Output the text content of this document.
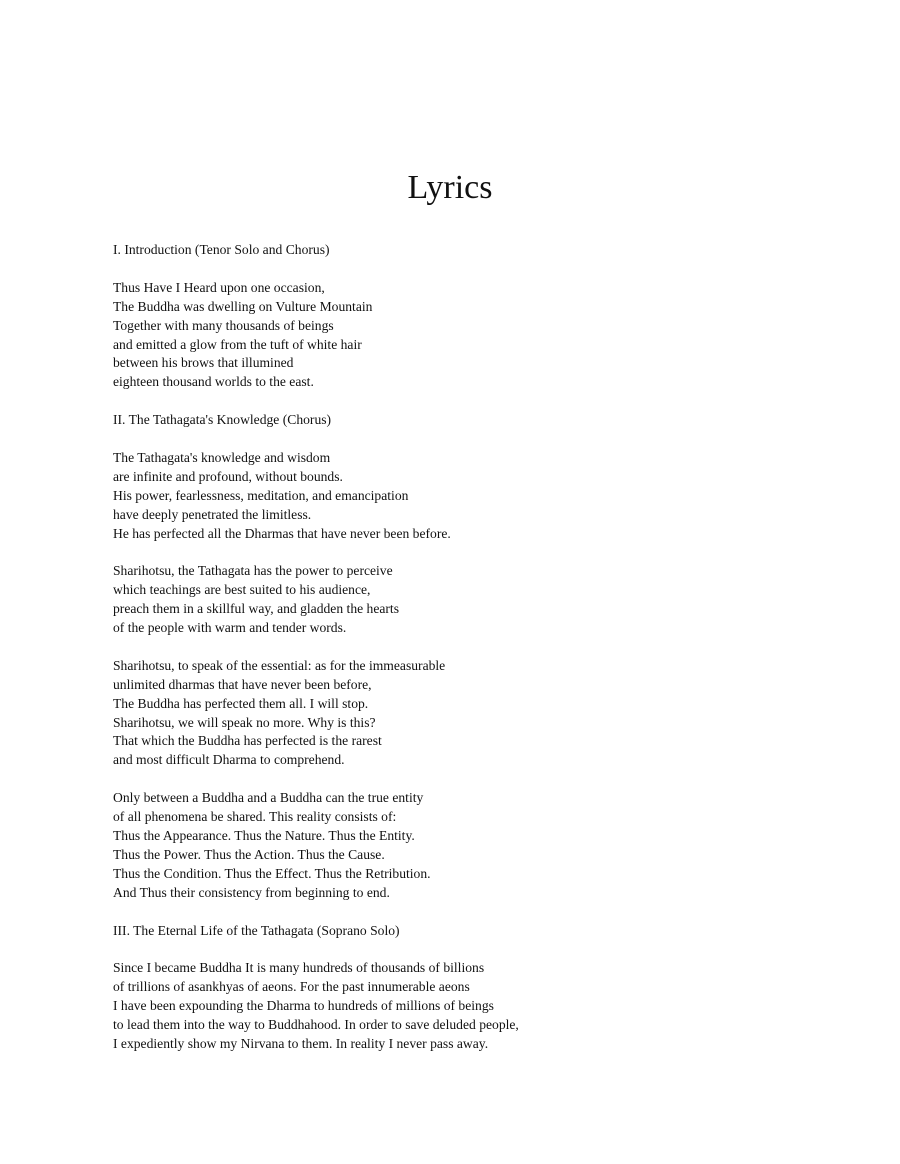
Lyrics
I. Introduction (Tenor Solo and Chorus)
Thus Have I Heard upon one occasion,
The Buddha was dwelling on Vulture Mountain
Together with many thousands of beings
and emitted a glow from the tuft of white hair
between his brows that illumined
eighteen thousand worlds to the east.
II. The Tathagata's Knowledge (Chorus)
The Tathagata's knowledge and wisdom
are infinite and profound, without bounds.
His power, fearlessness, meditation, and emancipation
have deeply penetrated the limitless.
He has perfected all the Dharmas that have never been before.
Sharihotsu, the Tathagata has the power to perceive
which teachings are best suited to his audience,
preach them in a skillful way, and gladden the hearts
of the people with warm and tender words.
Sharihotsu, to speak of the essential: as for the immeasurable
unlimited dharmas that have never been before,
The Buddha has perfected them all. I will stop.
Sharihotsu, we will speak no more. Why is this?
That which the Buddha has perfected is the rarest
and most difficult Dharma to comprehend.
Only between a Buddha and a Buddha can the true entity
of all phenomena be shared. This reality consists of:
Thus the Appearance. Thus the Nature. Thus the Entity.
Thus the Power. Thus the Action. Thus the Cause.
Thus the Condition. Thus the Effect. Thus the Retribution.
And Thus their consistency from beginning to end.
III. The Eternal Life of the Tathagata (Soprano Solo)
Since I became Buddha It is many hundreds of thousands of billions
of trillions of asankhyas of aeons. For the past innumerable aeons
I have been expounding the Dharma to hundreds of millions of beings
to lead them into the way to Buddhahood. In order to save deluded people,
I expediently show my Nirvana to them. In reality I never pass away.
